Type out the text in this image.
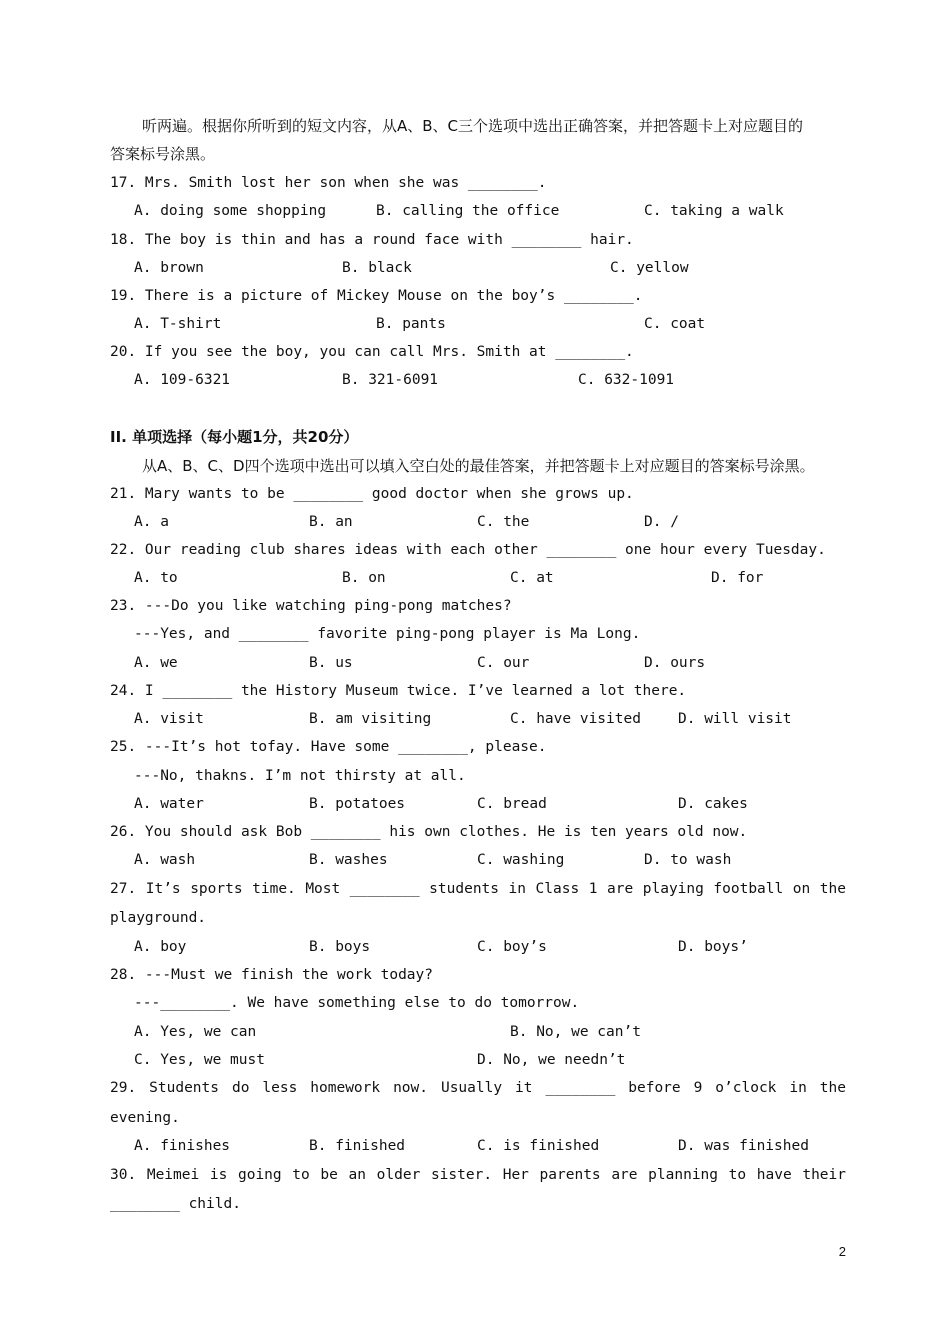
听两遍。根据你所听到的短文内容，从A、B、C三个选项中选出正确答案，并把答题卡上对应题目的
答案标号涂黑。
17. Mrs. Smith lost her son when she was ________.
A. doing some shopping	B. calling the office	C. taking a walk
18. The boy is thin and has a round face with ________ hair.
A. brown	B. black	C. yellow
19. There is a picture of Mickey Mouse on the boy’s ________.
A. T-shirt	B. pants	C. coat
20. If you see the boy, you can call Mrs. Smith at ________.
A. 109-6321	B. 321-6091	C. 632-1091
II. 单项选择（每小题1分，共20分）
从A、B、C、D四个选项中选出可以填入空白处的最佳答案，并把答题卡上对应题目的答案标号涂黑。
21. Mary wants to be ________ good doctor when she grows up.
A. a	B. an	C. the	D. /
22. Our reading club shares ideas with each other ________ one hour every Tuesday.
A. to	B. on	C. at	D. for
23. ---Do you like watching ping-pong matches?
---Yes, and ________ favorite ping-pong player is Ma Long.
A. we	B. us	C. our	D. ours
24. I ________ the History Museum twice. I’ve learned a lot there.
A. visit	B. am visiting	C. have visited	D. will visit
25. ---It’s hot tofay. Have some ________, please.
---No, thakns. I’m not thirsty at all.
A. water	B. potatoes	C. bread	D. cakes
26. You should ask Bob ________ his own clothes. He is ten years old now.
A. wash	B. washes	C. washing	D. to wash
27. It’s sports time. Most ________ students in Class 1 are playing football on the
playground.
A. boy	B. boys	C. boy’s	D. boys’
28. ---Must we finish the work today?
---________. We have something else to do tomorrow.
A. Yes, we can	B. No, we can’t
C. Yes, we must	D. No, we needn’t
29. Students do less homework now. Usually it ________ before 9 o’clock in the
evening.
A. finishes	B. finished	C. is finished	D. was finished
30. Meimei is going to be an older sister. Her parents are planning to have their
________ child.
2
